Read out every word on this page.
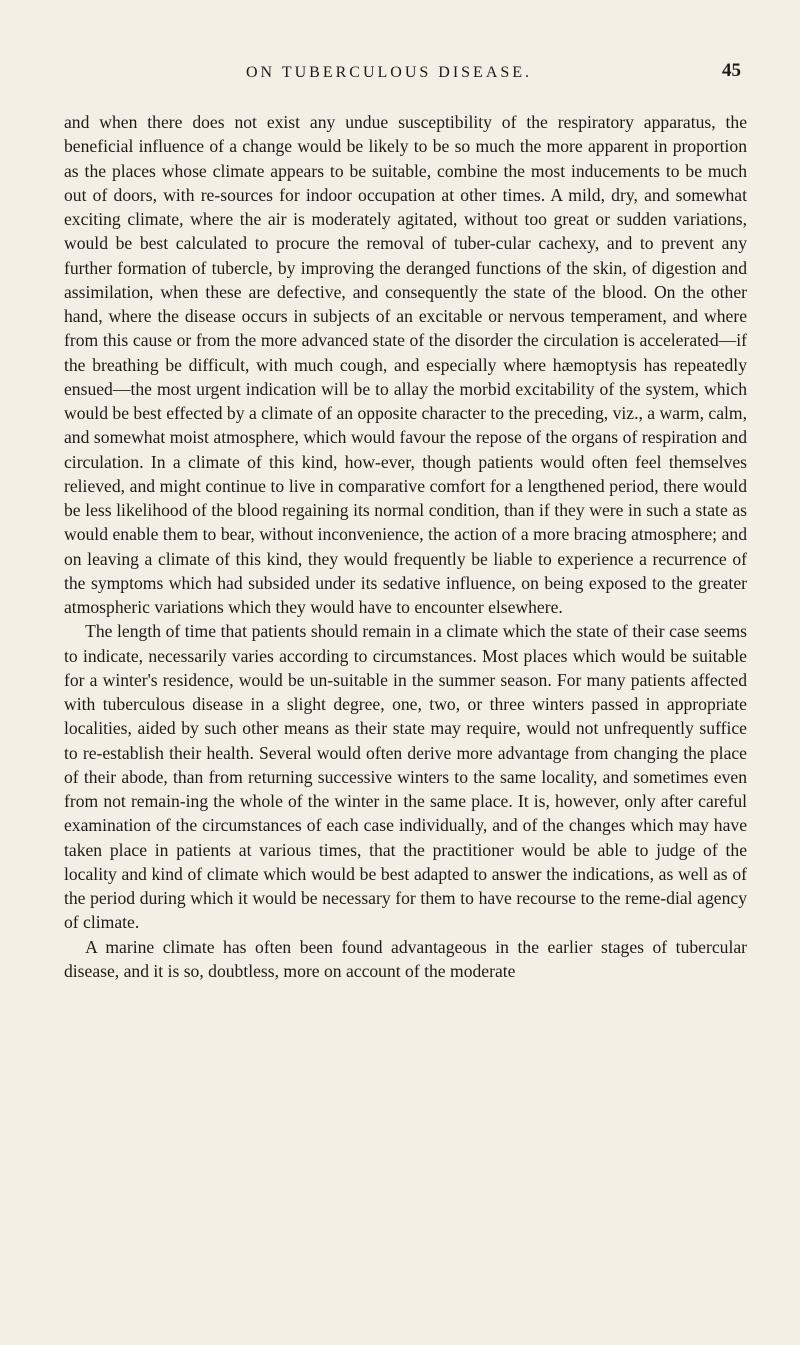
ON TUBERCULOUS DISEASE.	45

and when there does not exist any undue susceptibility of the respiratory apparatus, the beneficial influence of a change would be likely to be so much the more apparent in proportion as the places whose climate appears to be suitable, combine the most inducements to be much out of doors, with re-sources for indoor occupation at other times. A mild, dry, and somewhat exciting climate, where the air is moderately agitated, without too great or sudden variations, would be best calculated to procure the removal of tuber-cular cachexy, and to prevent any further formation of tubercle, by improving the deranged functions of the skin, of digestion and assimilation, when these are defective, and consequently the state of the blood. On the other hand, where the disease occurs in subjects of an excitable or nervous temperament, and where from this cause or from the more advanced state of the disorder the circulation is accelerated—if the breathing be difficult, with much cough, and especially where hæmoptysis has repeatedly ensued—the most urgent indication will be to allay the morbid excitability of the system, which would be best effected by a climate of an opposite character to the preceding, viz., a warm, calm, and somewhat moist atmosphere, which would favour the repose of the organs of respiration and circulation. In a climate of this kind, how-ever, though patients would often feel themselves relieved, and might continue to live in comparative comfort for a lengthened period, there would be less likelihood of the blood regaining its normal condition, than if they were in such a state as would enable them to bear, without inconvenience, the action of a more bracing atmosphere; and on leaving a climate of this kind, they would frequently be liable to experience a recurrence of the symptoms which had subsided under its sedative influence, on being exposed to the greater atmospheric variations which they would have to encounter elsewhere.

The length of time that patients should remain in a climate which the state of their case seems to indicate, necessarily varies according to circumstances. Most places which would be suitable for a winter's residence, would be un-suitable in the summer season. For many patients affected with tuberculous disease in a slight degree, one, two, or three winters passed in appropriate localities, aided by such other means as their state may require, would not unfrequently suffice to re-establish their health. Several would often derive more advantage from changing the place of their abode, than from returning successive winters to the same locality, and sometimes even from not remain-ing the whole of the winter in the same place. It is, however, only after careful examination of the circumstances of each case individually, and of the changes which may have taken place in patients at various times, that the practitioner would be able to judge of the locality and kind of climate which would be best adapted to answer the indications, as well as of the period during which it would be necessary for them to have recourse to the reme-dial agency of climate.

A marine climate has often been found advantageous in the earlier stages of tubercular disease, and it is so, doubtless, more on account of the moderate
